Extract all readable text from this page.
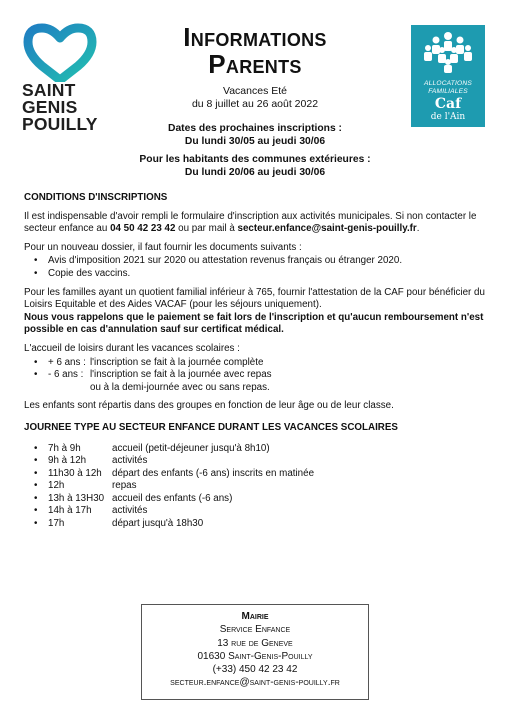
SAINT
GENIS
POUILLY
Informations
Parents
Vacances Eté
du 8 juillet au 26 août 2022
Dates des prochaines inscriptions :
Du lundi 30/05 au jeudi 30/06
Pour les habitants des communes extérieures :
Du lundi 20/06 au jeudi 30/06
ALLOCATIONS
FAMILIALES
Caf
de l'Ain
CONDITIONS D'INSCRIPTIONS

Il est indispensable d'avoir rempli le formulaire d'inscription aux activités municipales. Si non contacter le secteur enfance au 04 50 42 23 42 ou par mail à secteur.enfance@saint-genis-pouilly.fr.

Pour un nouveau dossier, il faut fournir les documents suivants :

• Avis d'imposition 2021 sur 2020 ou attestation revenus français ou étranger 2020.
• Copie des vaccins.

Pour les familles ayant un quotient familial inférieur à 765, fournir l'attestation de la CAF pour bénéficier du Loisirs Equitable et des Aides VACAF (pour les séjours uniquement).

Nous vous rappelons que le paiement se fait lors de l'inscription et qu'aucun remboursement n'est possible en cas d'annulation sauf sur certificat médical.

L'accueil de loisirs durant les vacances scolaires :

• + 6 ans : l'inscription se fait à la journée complète
• - 6 ans : l'inscription se fait à la journée avec repas
ou à la demi-journée avec ou sans repas.

Les enfants sont répartis dans des groupes en fonction de leur âge ou de leur classe.

JOURNEE TYPE AU SECTEUR ENFANCE DURANT LES VACANCES SCOLAIRES
• 7h à 9h	accueil (petit-déjeuner jusqu'à 8h10)
• 9h à 12h	activités
• 11h30 à 12h départ des enfants (-6 ans) inscrits en matinée
• 12h	repas
• 13h à 13H30 accueil des enfants (-6 ans)
• 14h à 17h activités
• 17h	départ jusqu'à 18h30
Mairie
Service Enfance
13 rue de Geneve
01630 Saint-Genis-Pouilly
(+33) 450 42 23 42
secteur.enfance@saint-genis-pouilly.fr
